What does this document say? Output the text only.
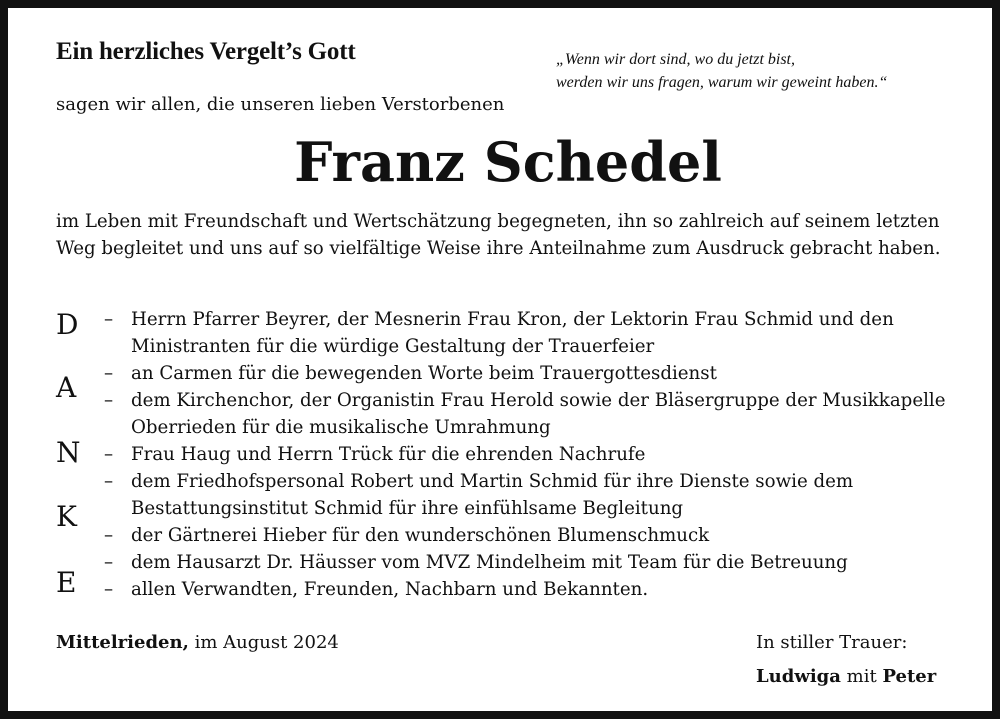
Ein herzliches Vergelt’s Gott	„Wenn wir dort sind, wo du jetzt bist,
werden wir uns fragen, warum wir geweint haben.“
sagen wir allen, die unseren lieben Verstorbenen
Franz Schedel
im Leben mit Freundschaft und Wertschätzung begegneten, ihn so zahlreich auf seinem letzten Weg begleitet und uns auf so vielfältige Weise ihre Anteilnahme zum Ausdruck gebracht haben.
D
A
N
K
E
– Herrn Pfarrer Beyrer, der Mesnerin Frau Kron, der Lektorin Frau Schmid und den Ministranten für die würdige Gestaltung der Trauerfeier
– an Carmen für die bewegenden Worte beim Trauergottesdienst
– dem Kirchenchor, der Organistin Frau Herold sowie der Bläsergruppe der Musikkapelle Oberrieden für die musikalische Umrahmung
– Frau Haug und Herrn Trück für die ehrenden Nachrufe
– dem Friedhofspersonal Robert und Martin Schmid für ihre Dienste sowie dem Bestattungsinstitut Schmid für ihre einfühlsame Begleitung
– der Gärtnerei Hieber für den wunderschönen Blumenschmuck
– dem Hausarzt Dr. Häusser vom MVZ Mindelheim mit Team für die Betreuung
– allen Verwandten, Freunden, Nachbarn und Bekannten.
Mittelrieden, im August 2024	In stiller Trauer:
Ludwiga mit Peter
